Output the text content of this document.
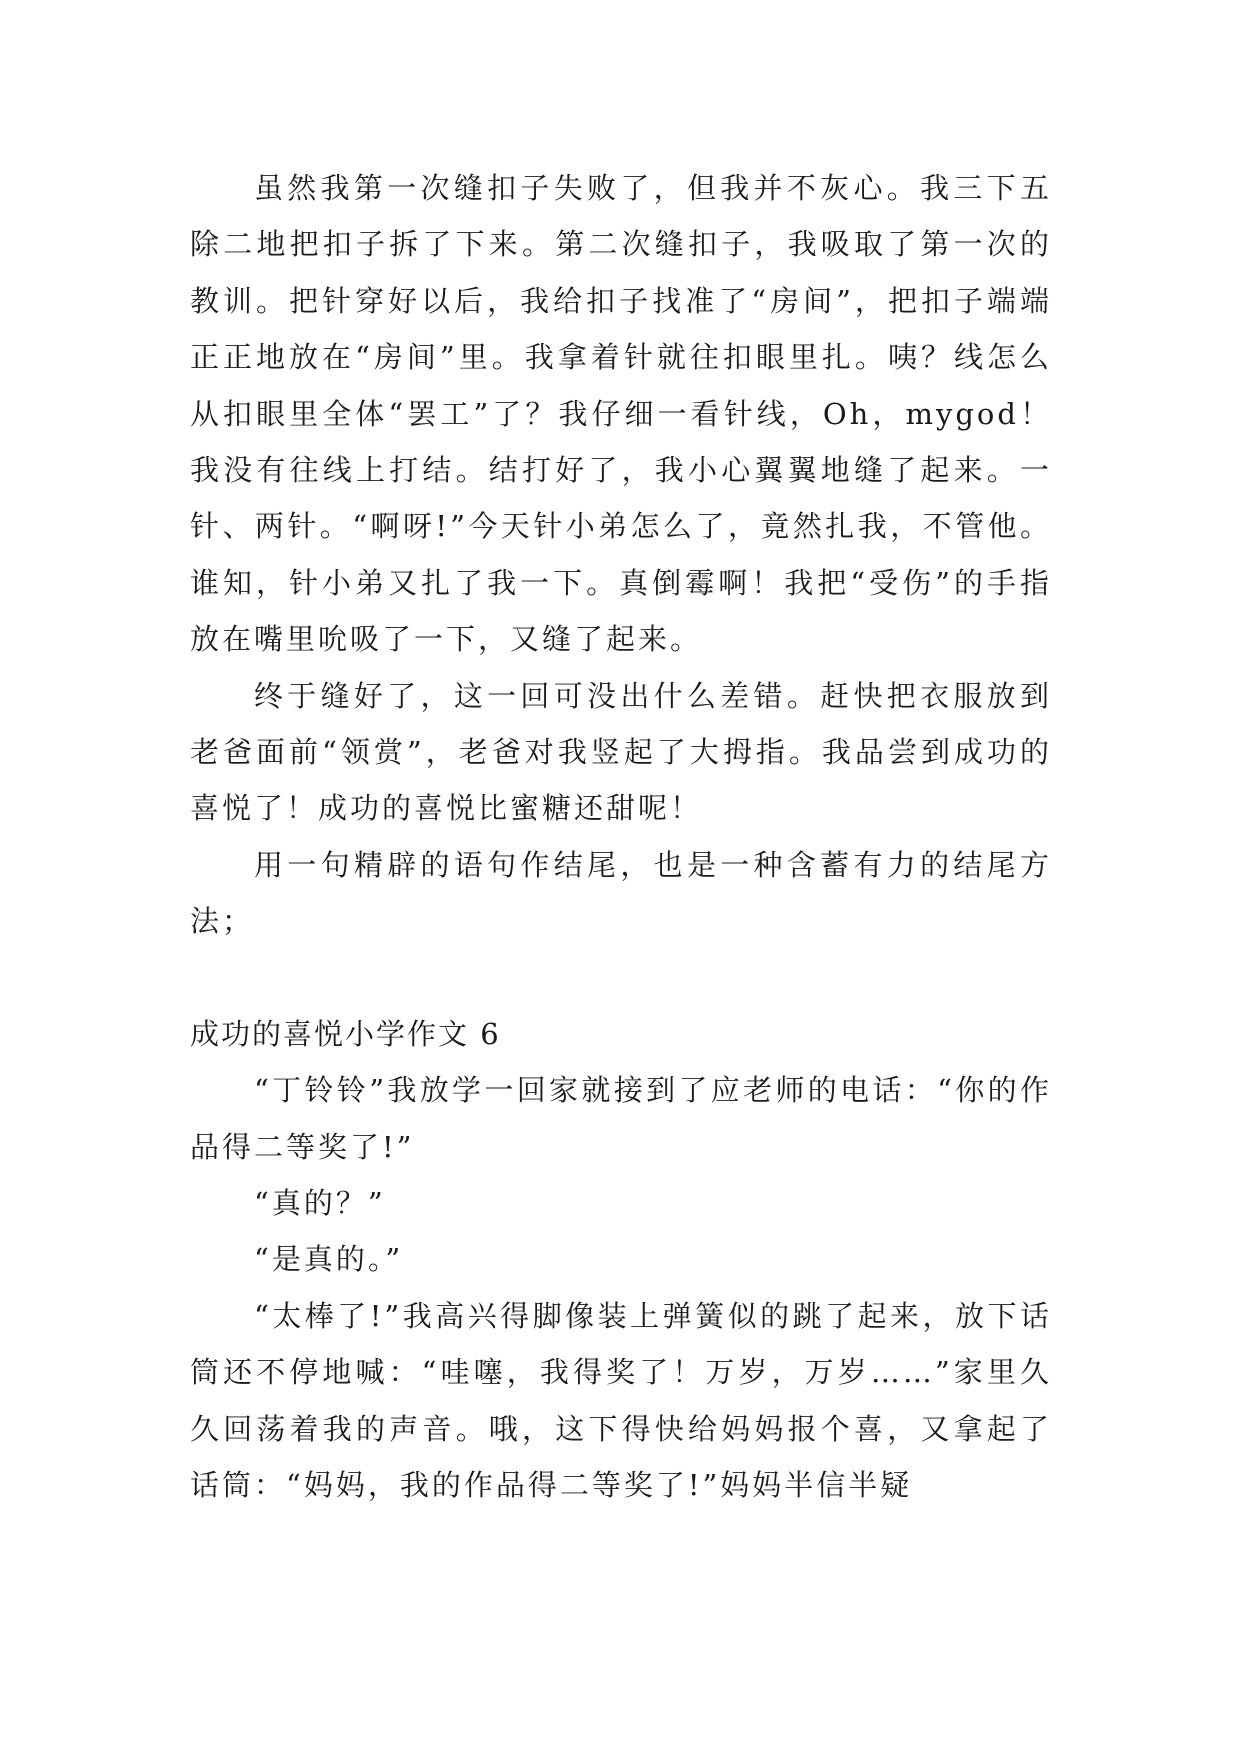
虽然我第一次缝扣子失败了，但我并不灰心。我三下五除二地把扣子拆了下来。第二次缝扣子，我吸取了第一次的教训。把针穿好以后，我给扣子找准了“房间”，把扣子端端正正地放在“房间”里。我拿着针就往扣眼里扎。咦？线怎么从扣眼里全体“罢工”了？我仔细一看针线，Oh，mygod！我没有往线上打结。结打好了，我小心翼翼地缝了起来。一针、两针。“啊呀!”今天针小弟怎么了，竟然扎我，不管他。谁知，针小弟又扎了我一下。真倒霉啊！我把“受伤”的手指放在嘴里吮吸了一下，又缝了起来。

终于缝好了，这一回可没出什么差错。赶快把衣服放到老爸面前“领赏”，老爸对我竖起了大拇指。我品尝到成功的喜悦了！成功的喜悦比蜜糖还甜呢！

用一句精辟的语句作结尾，也是一种含蓄有力的结尾方法；

成功的喜悦小学作文 6

“丁铃铃”我放学一回家就接到了应老师的电话：“你的作品得二等奖了!”

“真的？”

“是真的。”

“太棒了!”我高兴得脚像装上弹簧似的跳了起来，放下话筒还不停地喊：“哇噻，我得奖了！万岁，万岁……”家里久久回荡着我的声音。哦，这下得快给妈妈报个喜，又拿起了话筒：“妈妈，我的作品得二等奖了!”妈妈半信半疑
